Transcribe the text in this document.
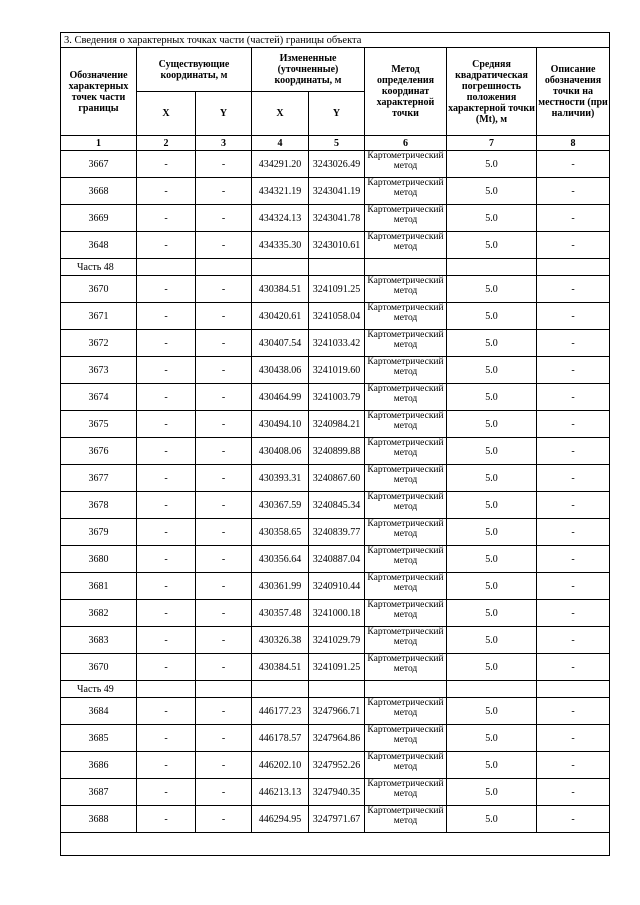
3. Сведения о характерных точках части (частей) границы объекта							
Обозначение характерных точек части границы	Существующие координаты, м		Измененные (уточненные) координаты, м		Метод определения координат характерной точки	Средняя квадратическая погрешность положения характерной точки (Mt), м	Описание обозначения точки на местности (при наличии)
	X	Y	X	Y			
1	2	3	4	5	6	7	8
3667	-	-	434291.20	3243026.49	Картометрический метод	5.0	-
3668	-	-	434321.19	3243041.19	Картометрический метод	5.0	-
3669	-	-	434324.13	3243041.78	Картометрический метод	5.0	-
3648	-	-	434335.30	3243010.61	Картометрический метод	5.0	-
Часть 48							
3670	-	-	430384.51	3241091.25	Картометрический метод	5.0	-
3671	-	-	430420.61	3241058.04	Картометрический метод	5.0	-
3672	-	-	430407.54	3241033.42	Картометрический метод	5.0	-
3673	-	-	430438.06	3241019.60	Картометрический метод	5.0	-
3674	-	-	430464.99	3241003.79	Картометрический метод	5.0	-
3675	-	-	430494.10	3240984.21	Картометрический метод	5.0	-
3676	-	-	430408.06	3240899.88	Картометрический метод	5.0	-
3677	-	-	430393.31	3240867.60	Картометрический метод	5.0	-
3678	-	-	430367.59	3240845.34	Картометрический метод	5.0	-
3679	-	-	430358.65	3240839.77	Картометрический метод	5.0	-
3680	-	-	430356.64	3240887.04	Картометрический метод	5.0	-
3681	-	-	430361.99	3240910.44	Картометрический метод	5.0	-
3682	-	-	430357.48	3241000.18	Картометрический метод	5.0	-
3683	-	-	430326.38	3241029.79	Картометрический метод	5.0	-
3670	-	-	430384.51	3241091.25	Картометрический метод	5.0	-
Часть 49							
3684	-	-	446177.23	3247966.71	Картометрический метод	5.0	-
3685	-	-	446178.57	3247964.86	Картометрический метод	5.0	-
3686	-	-	446202.10	3247952.26	Картометрический метод	5.0	-
3687	-	-	446213.13	3247940.35	Картометрический метод	5.0	-
3688	-	-	446294.95	3247971.67	Картометрический метод	5.0	-
